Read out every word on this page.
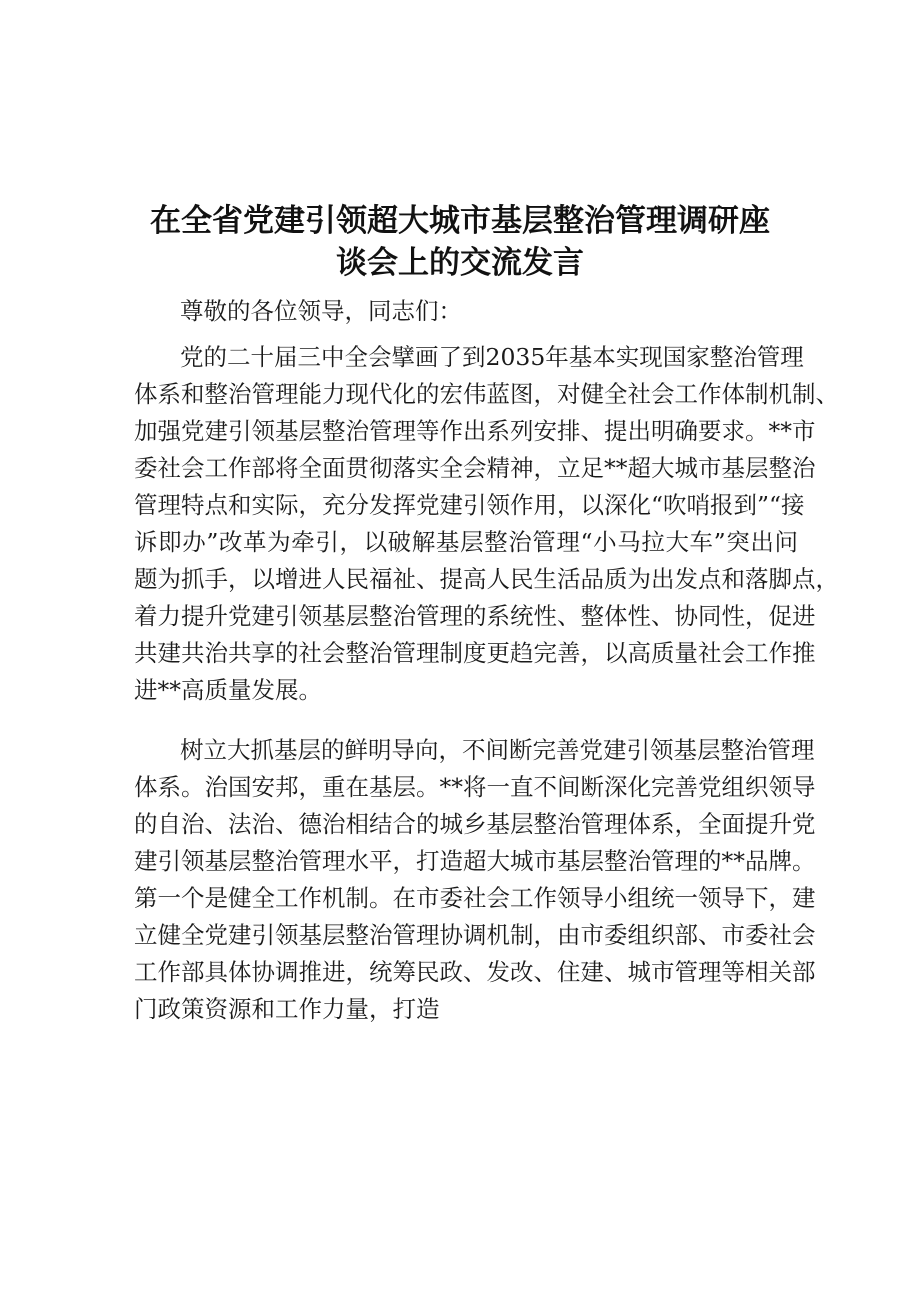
在全省党建引领超大城市基层整治管理调研座
谈会上的交流发言
尊敬的各位领导，同志们：
党的二十届三中全会擘画了到2035年基本实现国家整治管理
体系和整治管理能力现代化的宏伟蓝图，对健全社会工作体制机制、
加强党建引领基层整治管理等作出系列安排、提出明确要求。**市
委社会工作部将全面贯彻落实全会精神，立足**超大城市基层整治
管理特点和实际，充分发挥党建引领作用，以深化“吹哨报到”“接
诉即办”改革为牵引，以破解基层整治管理“小马拉大车”突出问
题为抓手，以增进人民福祉、提高人民生活品质为出发点和落脚点，
着力提升党建引领基层整治管理的系统性、整体性、协同性，促进
共建共治共享的社会整治管理制度更趋完善，以高质量社会工作推
进**高质量发展。
树立大抓基层的鲜明导向，不间断完善党建引领基层整治管理
体系。治国安邦，重在基层。**将一直不间断深化完善党组织领导
的自治、法治、德治相结合的城乡基层整治管理体系，全面提升党
建引领基层整治管理水平，打造超大城市基层整治管理的**品牌。
第一个是健全工作机制。在市委社会工作领导小组统一领导下，建
立健全党建引领基层整治管理协调机制，由市委组织部、市委社会
工作部具体协调推进，统筹民政、发改、住建、城市管理等相关部
门政策资源和工作力量，打造
